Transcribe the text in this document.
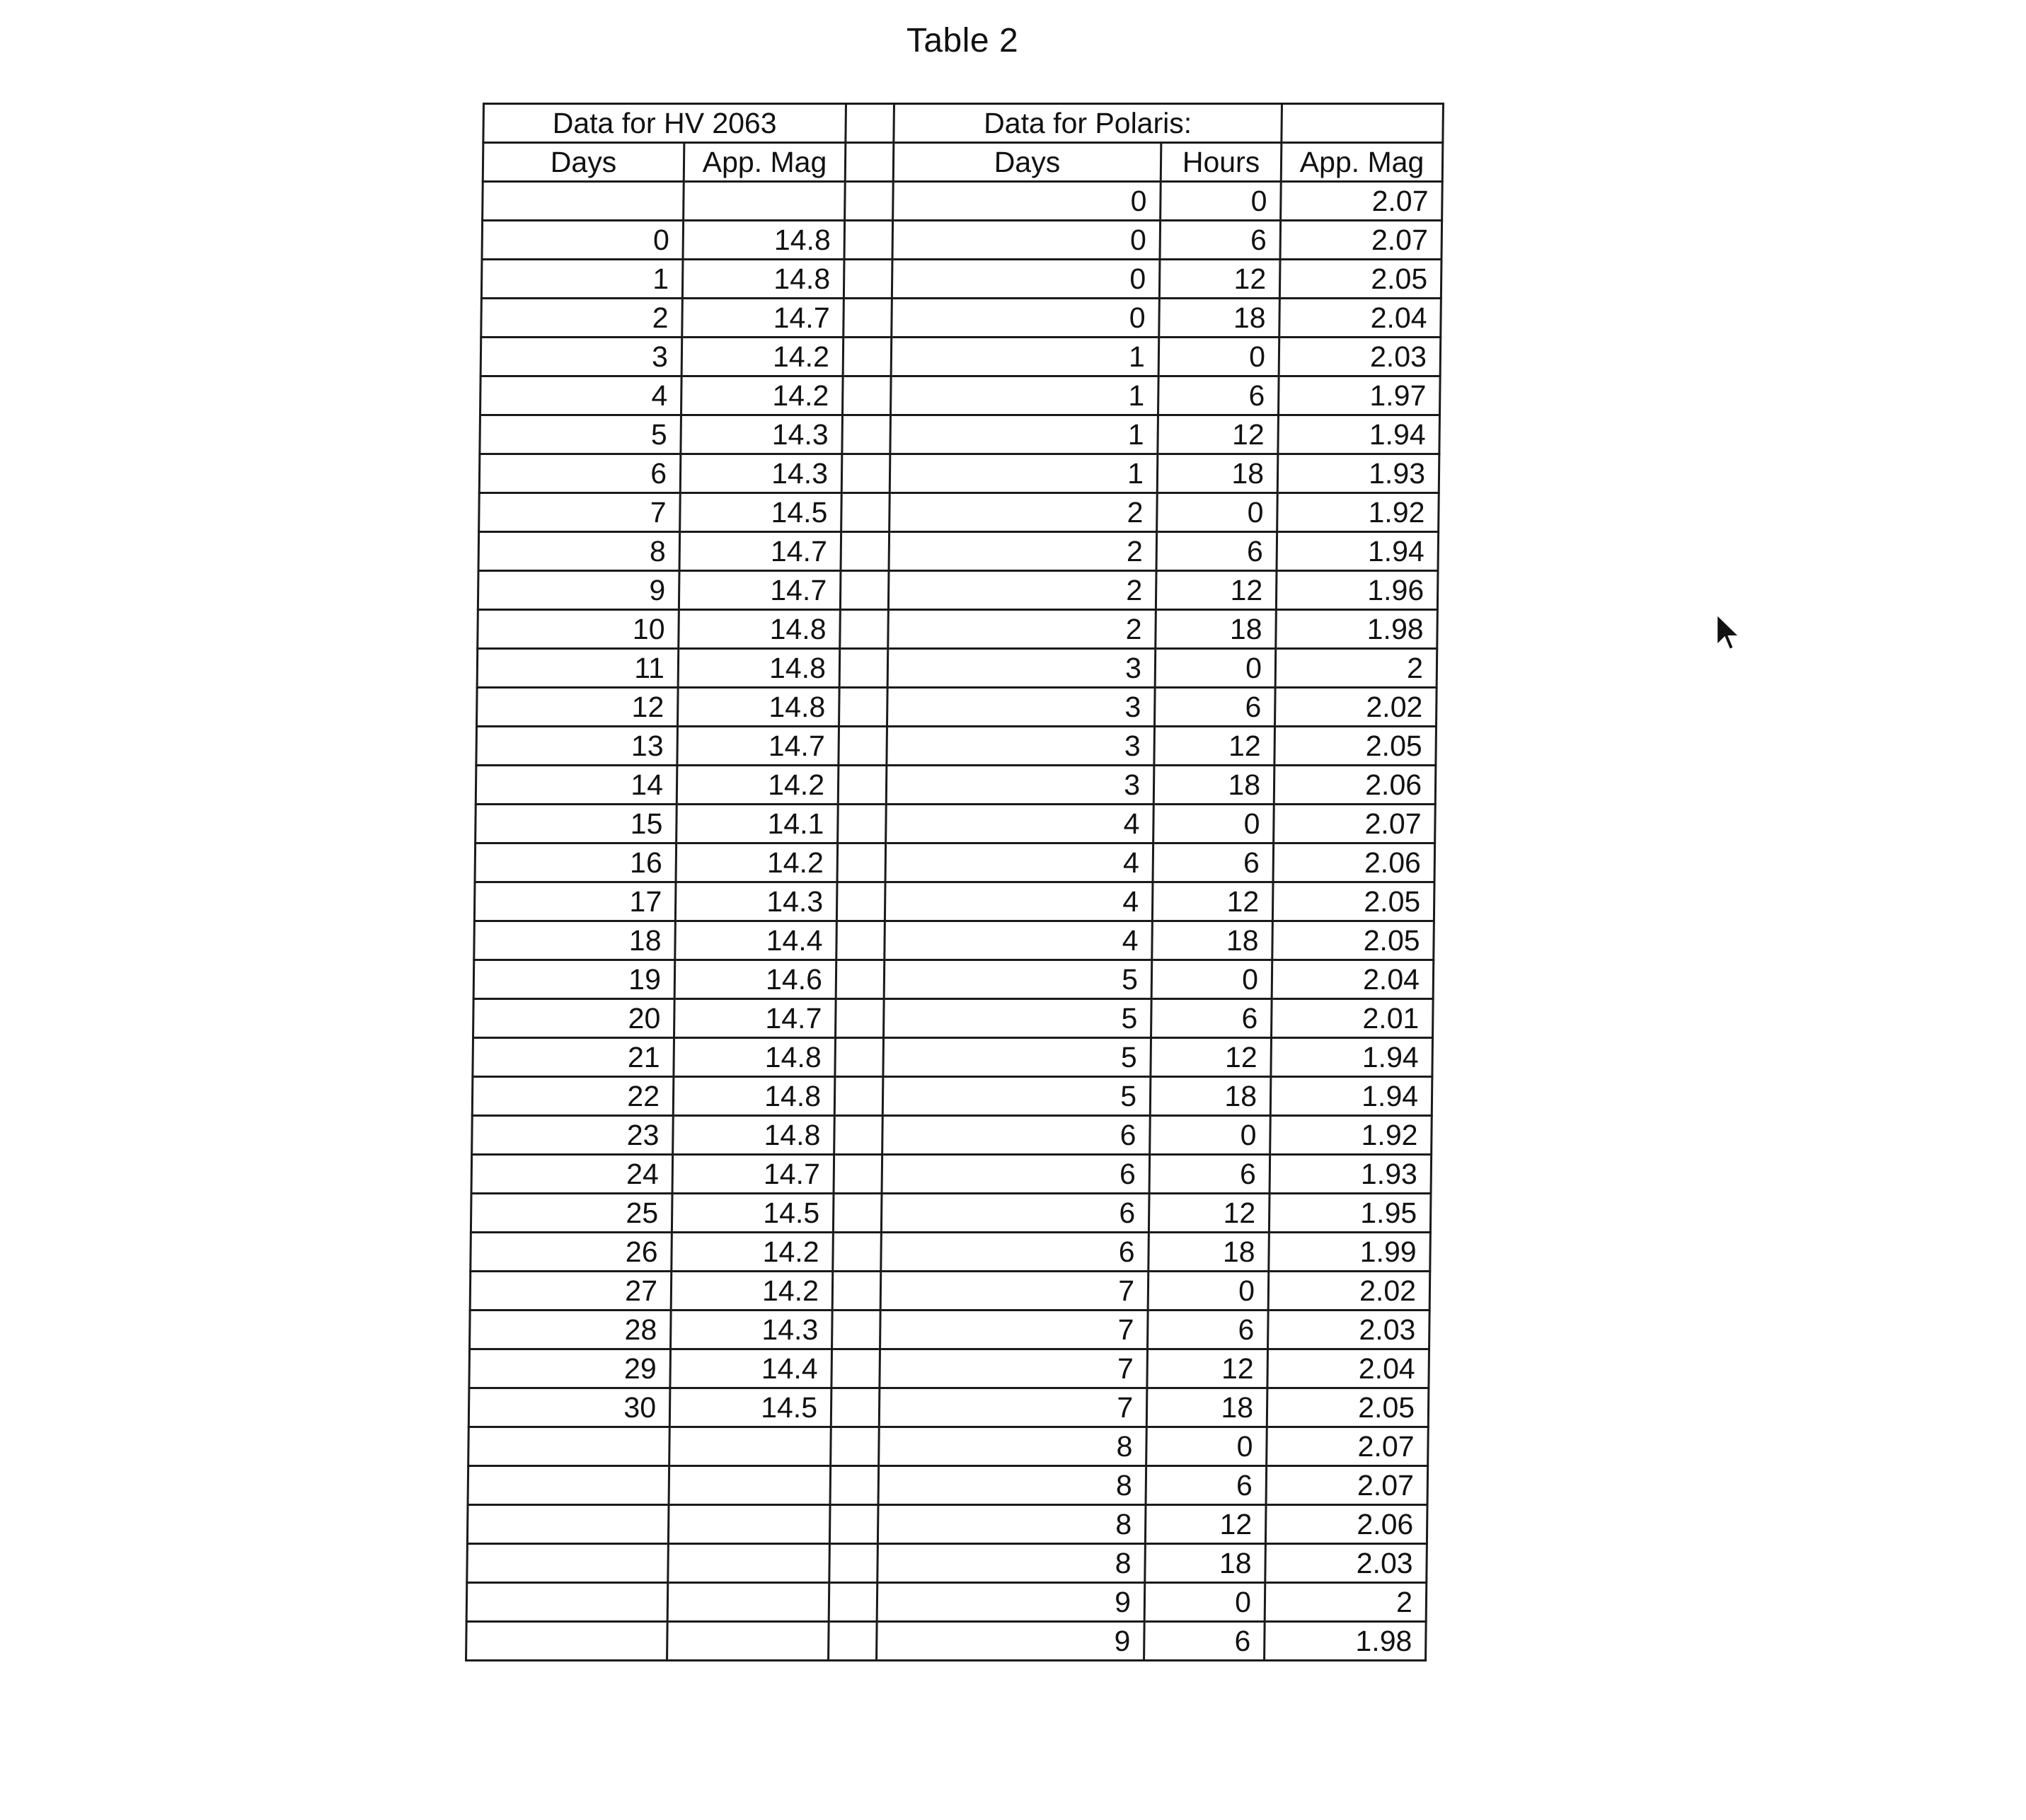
Table 2
Data for HV 2063			Data for Polaris:		
Days	App. Mag		Days	Hours	App. Mag
			0	0	2.07
0	14.8		0	6	2.07
1	14.8		0	12	2.05
2	14.7		0	18	2.04
3	14.2		1	0	2.03
4	14.2		1	6	1.97
5	14.3		1	12	1.94
6	14.3		1	18	1.93
7	14.5		2	0	1.92
8	14.7		2	6	1.94
9	14.7		2	12	1.96
10	14.8		2	18	1.98
11	14.8		3	0	2
12	14.8		3	6	2.02
13	14.7		3	12	2.05
14	14.2		3	18	2.06
15	14.1		4	0	2.07
16	14.2		4	6	2.06
17	14.3		4	12	2.05
18	14.4		4	18	2.05
19	14.6		5	0	2.04
20	14.7		5	6	2.01
21	14.8		5	12	1.94
22	14.8		5	18	1.94
23	14.8		6	0	1.92
24	14.7		6	6	1.93
25	14.5		6	12	1.95
26	14.2		6	18	1.99
27	14.2		7	0	2.02
28	14.3		7	6	2.03
29	14.4		7	12	2.04
30	14.5		7	18	2.05
			8	0	2.07
			8	6	2.07
			8	12	2.06
			8	18	2.03
			9	0	2
			9	6	1.98
